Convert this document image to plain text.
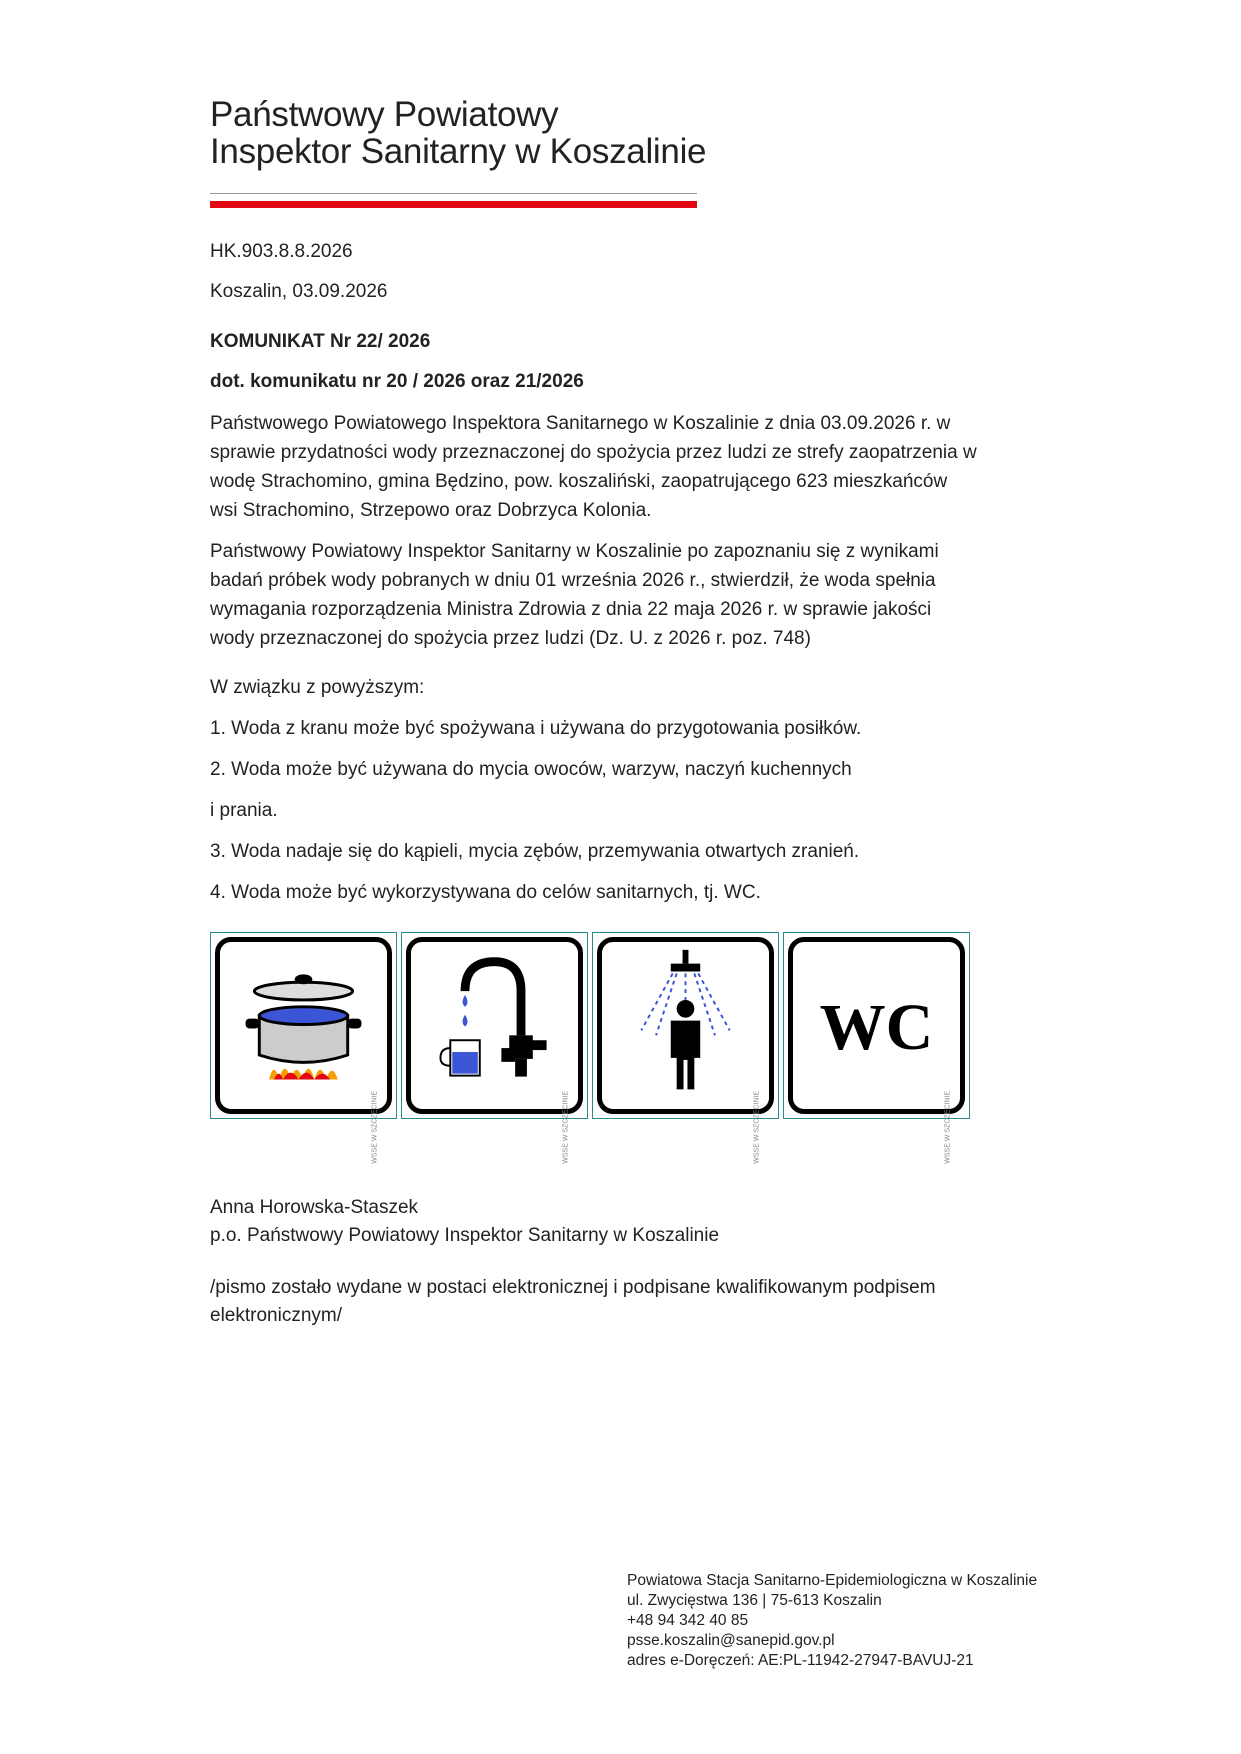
Państwowy Powiatowy
Inspektor Sanitarny w Koszalinie
HK.903.8.8.2026
Koszalin, 03.09.2026
KOMUNIKAT Nr 22/ 2026
dot. komunikatu nr 20 / 2026 oraz 21/2026
Państwowego Powiatowego Inspektora Sanitarnego w Koszalinie z dnia 03.09.2026 r. w
sprawie przydatności wody przeznaczonej do spożycia przez ludzi ze strefy zaopatrzenia w
wodę Strachomino, gmina Będzino, pow. koszaliński, zaopatrującego 623 mieszkańców
wsi Strachomino, Strzepowo oraz Dobrzyca Kolonia.
Państwowy Powiatowy Inspektor Sanitarny w Koszalinie po zapoznaniu się z wynikami
badań próbek wody pobranych w dniu 01 września 2026 r., stwierdził, że woda spełnia
wymagania rozporządzenia Ministra Zdrowia z dnia 22 maja 2026 r. w sprawie jakości
wody przeznaczonej do spożycia przez ludzi (Dz. U. z 2026 r. poz. 748)
W związku z powyższym:
1. Woda z kranu może być spożywana i używana do przygotowania posiłków.
2. Woda może być używana do mycia owoców, warzyw, naczyń kuchennych
i prania.
3. Woda nadaje się do kąpieli, mycia zębów, przemywania otwartych zranień.
4. Woda może być wykorzystywana do celów sanitarnych, tj. WC.
WSSE W SZCZECINIE	WSSE W SZCZECINIE	WSSE W SZCZECINIE
WC
WSSE W SZCZECINIE
Anna Horowska-Staszek
p.o. Państwowy Powiatowy Inspektor Sanitarny w Koszalinie
/pismo zostało wydane w postaci elektronicznej i podpisane kwalifikowanym podpisem
elektronicznym/
Powiatowa Stacja Sanitarno-Epidemiologiczna w Koszalinie
ul. Zwycięstwa 136 | 75-613 Koszalin
+48 94 342 40 85
psse.koszalin@sanepid.gov.pl
adres e-Doręczeń: AE:PL-11942-27947-BAVUJ-21
